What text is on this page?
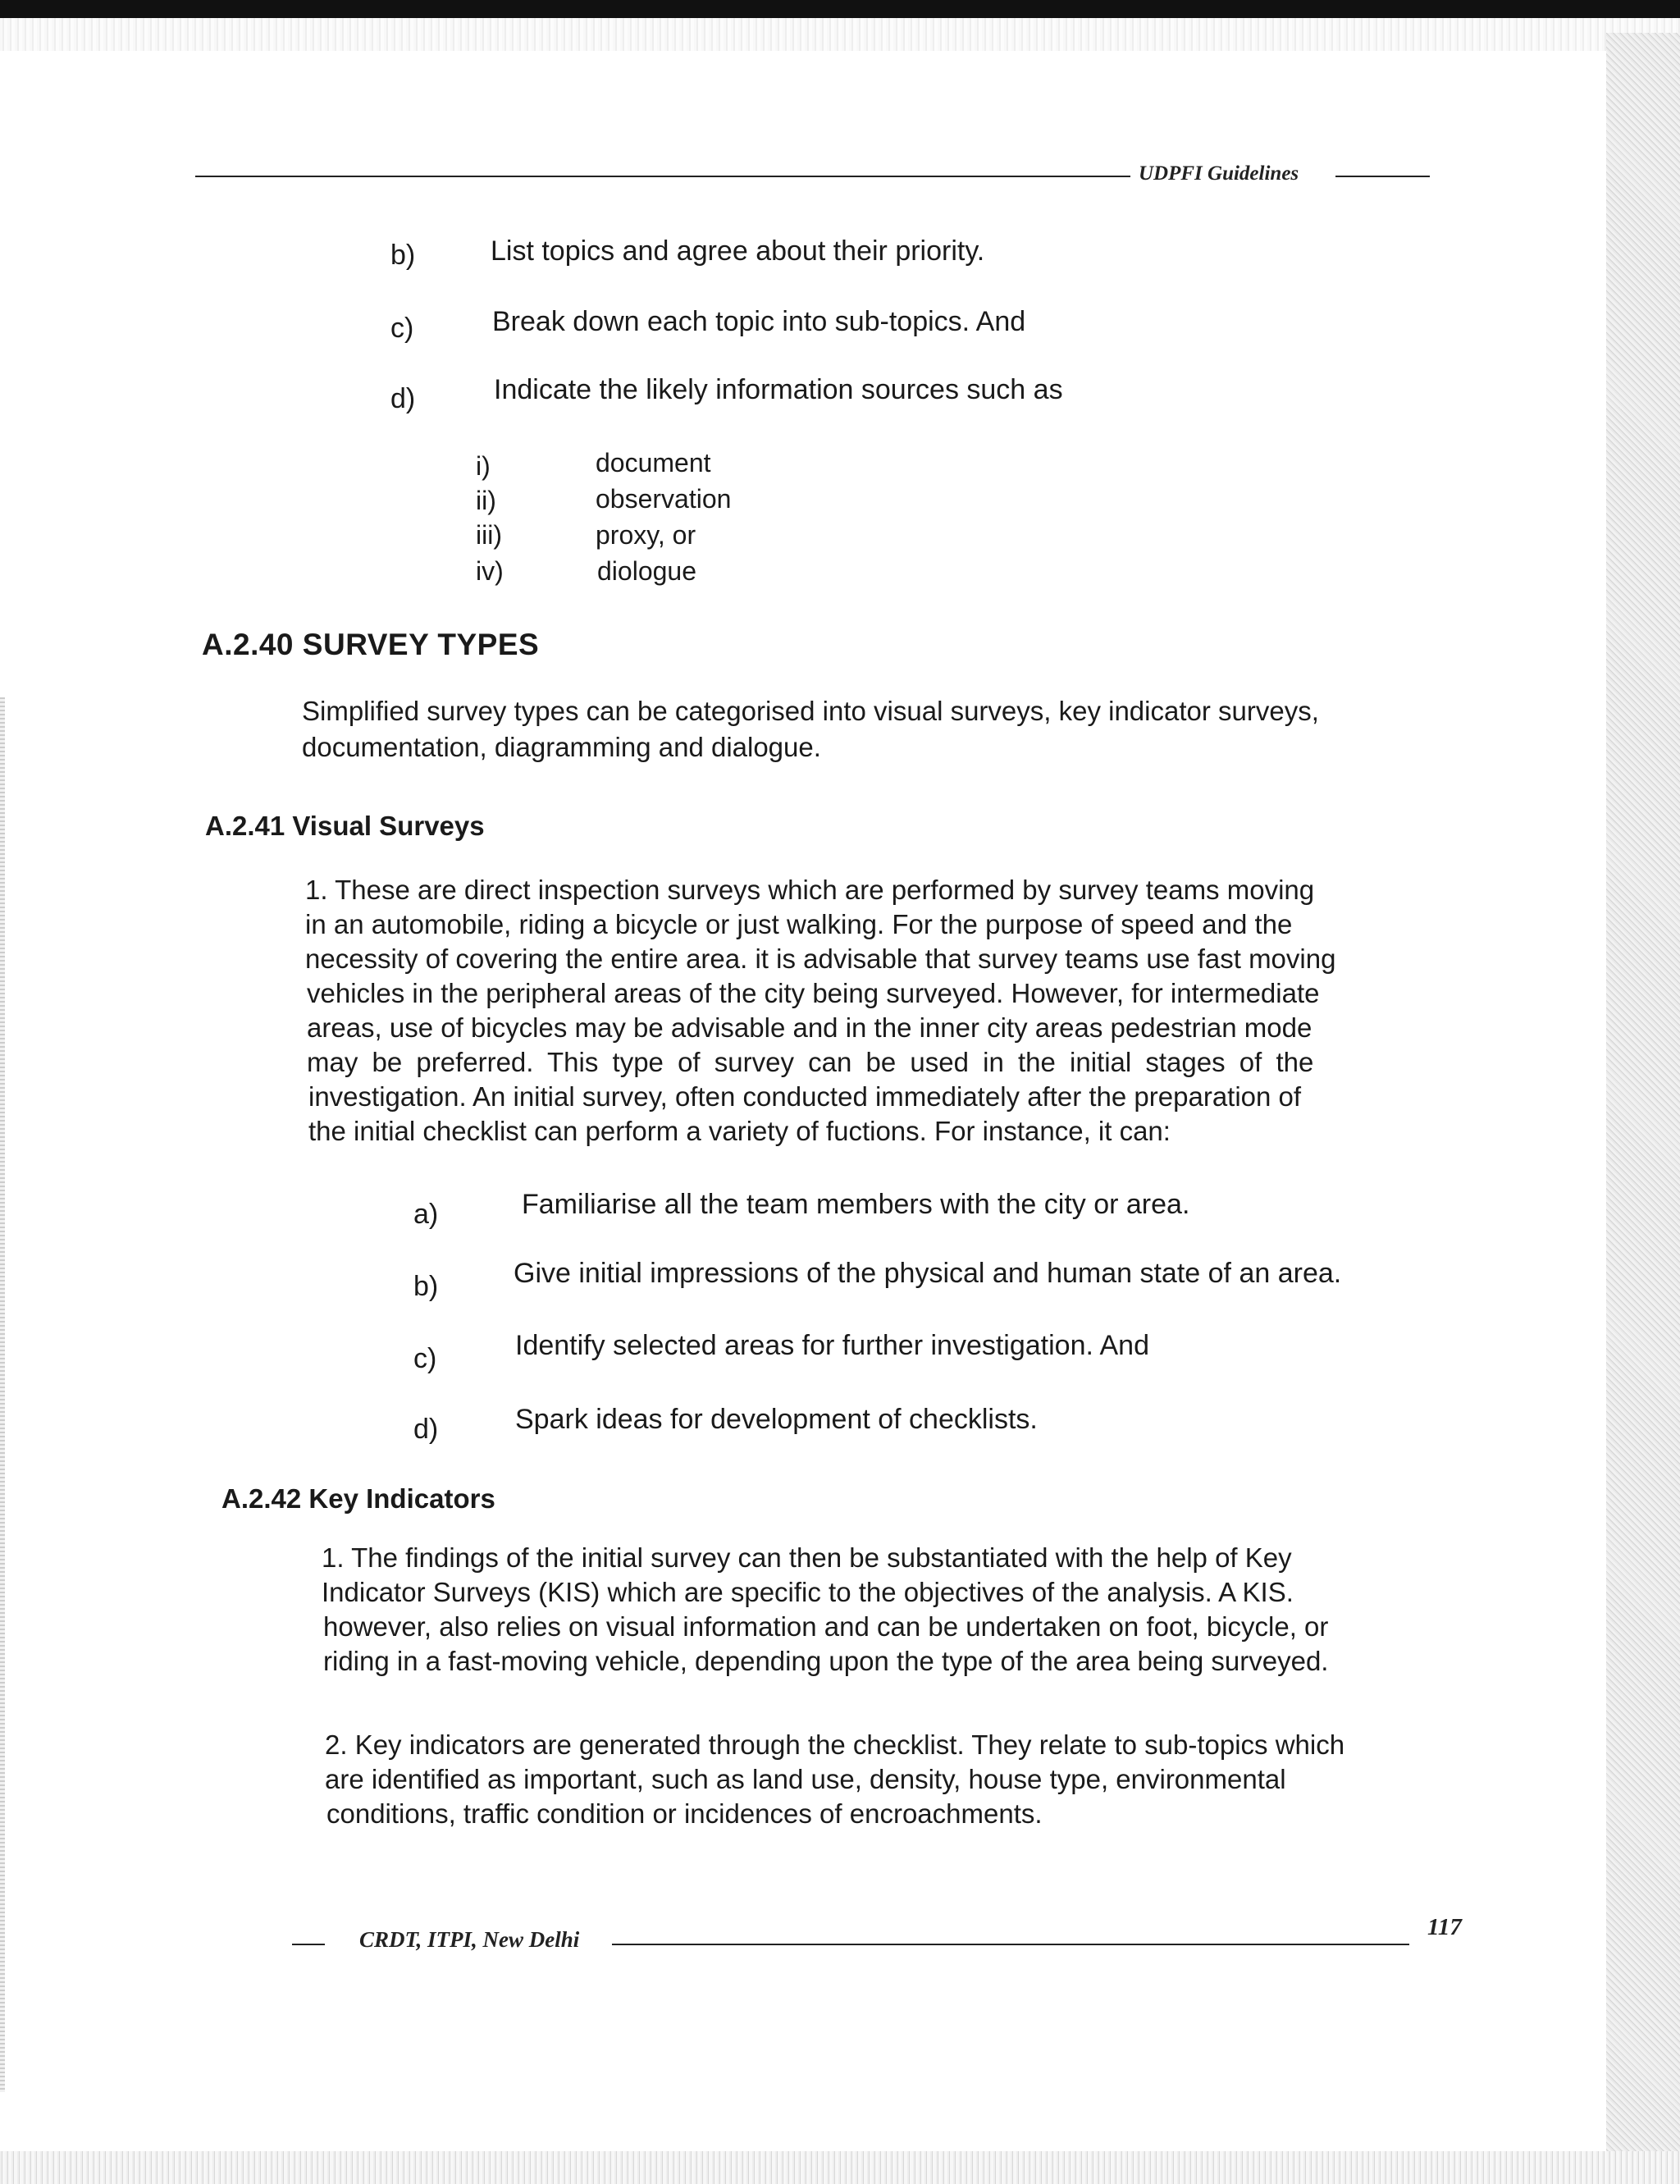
UDPFI Guidelines
b)	List topics and agree about their priority.
c)	Break down each topic into sub-topics. And
d)	Indicate the likely information sources such as
i)	document
ii)	observation
iii)	proxy, or
iv)	diologue
A.2.40 SURVEY TYPES
Simplified survey types can be categorised into visual surveys, key indicator surveys,
documentation, diagramming and dialogue.
A.2.41 Visual Surveys
1. These are direct inspection surveys which are performed by survey teams moving
in an automobile, riding a bicycle or just walking. For the purpose of speed and the
necessity of covering the entire area. it is advisable that survey teams use fast moving
vehicles in the peripheral areas of the city being surveyed. However, for intermediate
areas, use of bicycles may be advisable and in the inner city areas pedestrian mode
may be preferred. This type of survey can be used in the initial stages of the
investigation. An initial survey, often conducted immediately after the preparation of
the initial checklist can perform a variety of fuctions. For instance, it can:
a)	Familiarise all the team members with the city or area.
b)	Give initial impressions of the physical and human state of an area.
c)	Identify selected areas for further investigation. And
d)	Spark ideas for development of checklists.
A.2.42 Key Indicators
1. The findings of the initial survey can then be substantiated with the help of Key
Indicator Surveys (KIS) which are specific to the objectives of the analysis. A KIS.
however, also relies on visual information and can be undertaken on foot, bicycle, or
riding in a fast-moving vehicle, depending upon the type of the area being surveyed.
2. Key indicators are generated through the checklist. They relate to sub-topics which
are identified as important, such as land use, density, house type, environmental
conditions, traffic condition or incidences of encroachments.
CRDT, ITPI, New Delhi	117
